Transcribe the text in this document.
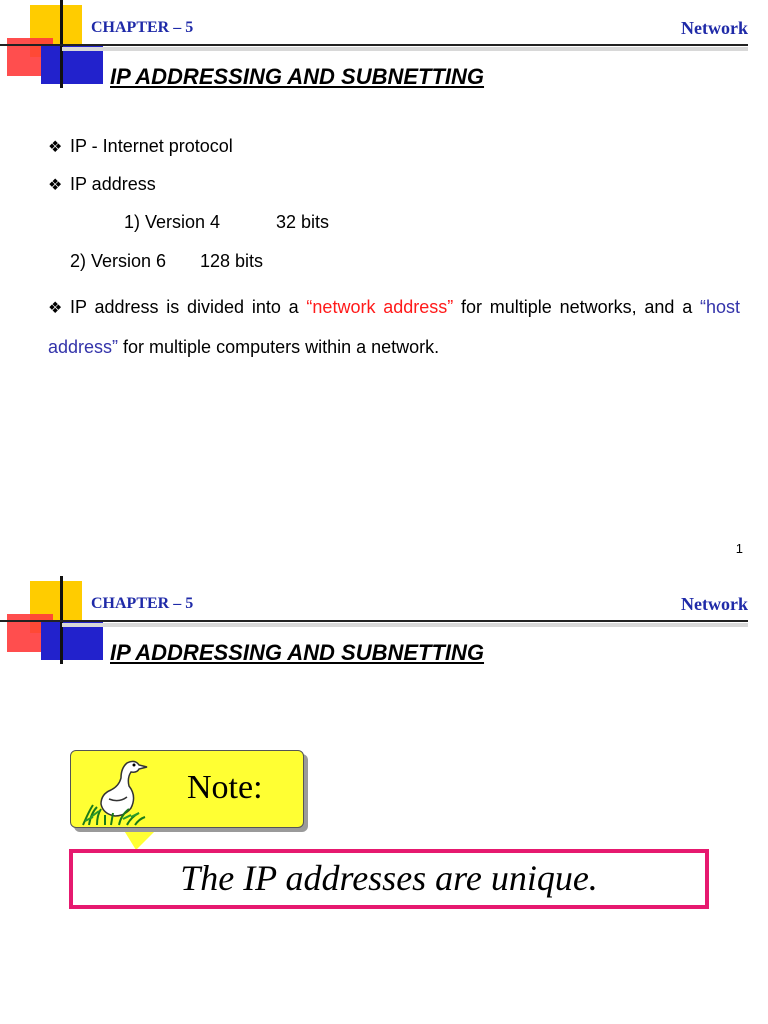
CHAPTER – 5	Network
IP ADDRESSING AND SUBNETTING
❖ IP - Internet protocol
❖ IP address
1) Version 4	32 bits
2) Version 6 128 bits
❖ IP address is divided into a “network address” for multiple networks, and a “host address” for multiple computers within a network.
1
CHAPTER – 5	Network
IP ADDRESSING AND SUBNETTING
Note:
The IP addresses are unique.
